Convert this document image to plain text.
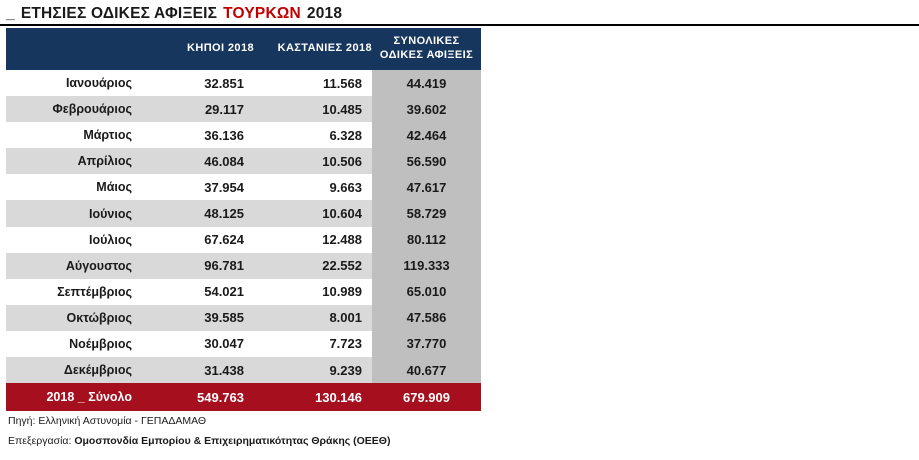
_ ΕΤΗΣΙΕΣ ΟΔΙΚΕΣ ΑΦΙΞΕΙΣ ΤΟΥΡΚΩΝ 2018
	ΚΗΠΟΙ 2018	ΚΑΣΤΑΝΙΕΣ 2018	ΣΥΝΟΛΙΚΕΣ
ΟΔΙΚΕΣ ΑΦΙΞΕΙΣ

Ιανουάριος	32.851	11.568	44.419
Φεβρουάριος	29.117	10.485	39.602
Μάρτιος	36.136	6.328	42.464
Απρίλιος	46.084	10.506	56.590
Μάιος	37.954	9.663	47.617
Ιούνιος	48.125	10.604	58.729
Ιούλιος	67.624	12.488	80.112
Αύγουστος	96.781	22.552	119.333
Σεπτέμβριος	54.021	10.989	65.010
Οκτώβριος	39.585	8.001	47.586
Νοέμβριος	30.047	7.723	37.770
Δεκέμβριος	31.438	9.239	40.677
2018 _ Σύνολο	549.763	130.146	679.909

Πηγή: Ελληνική Αστυνομία - ΓΕΠΑΔΑΜΑΘ

Επεξεργασία: Ομοσπονδία Εμπορίου & Επιχειρηματικότητας Θράκης (ΟΕΕΘ)
